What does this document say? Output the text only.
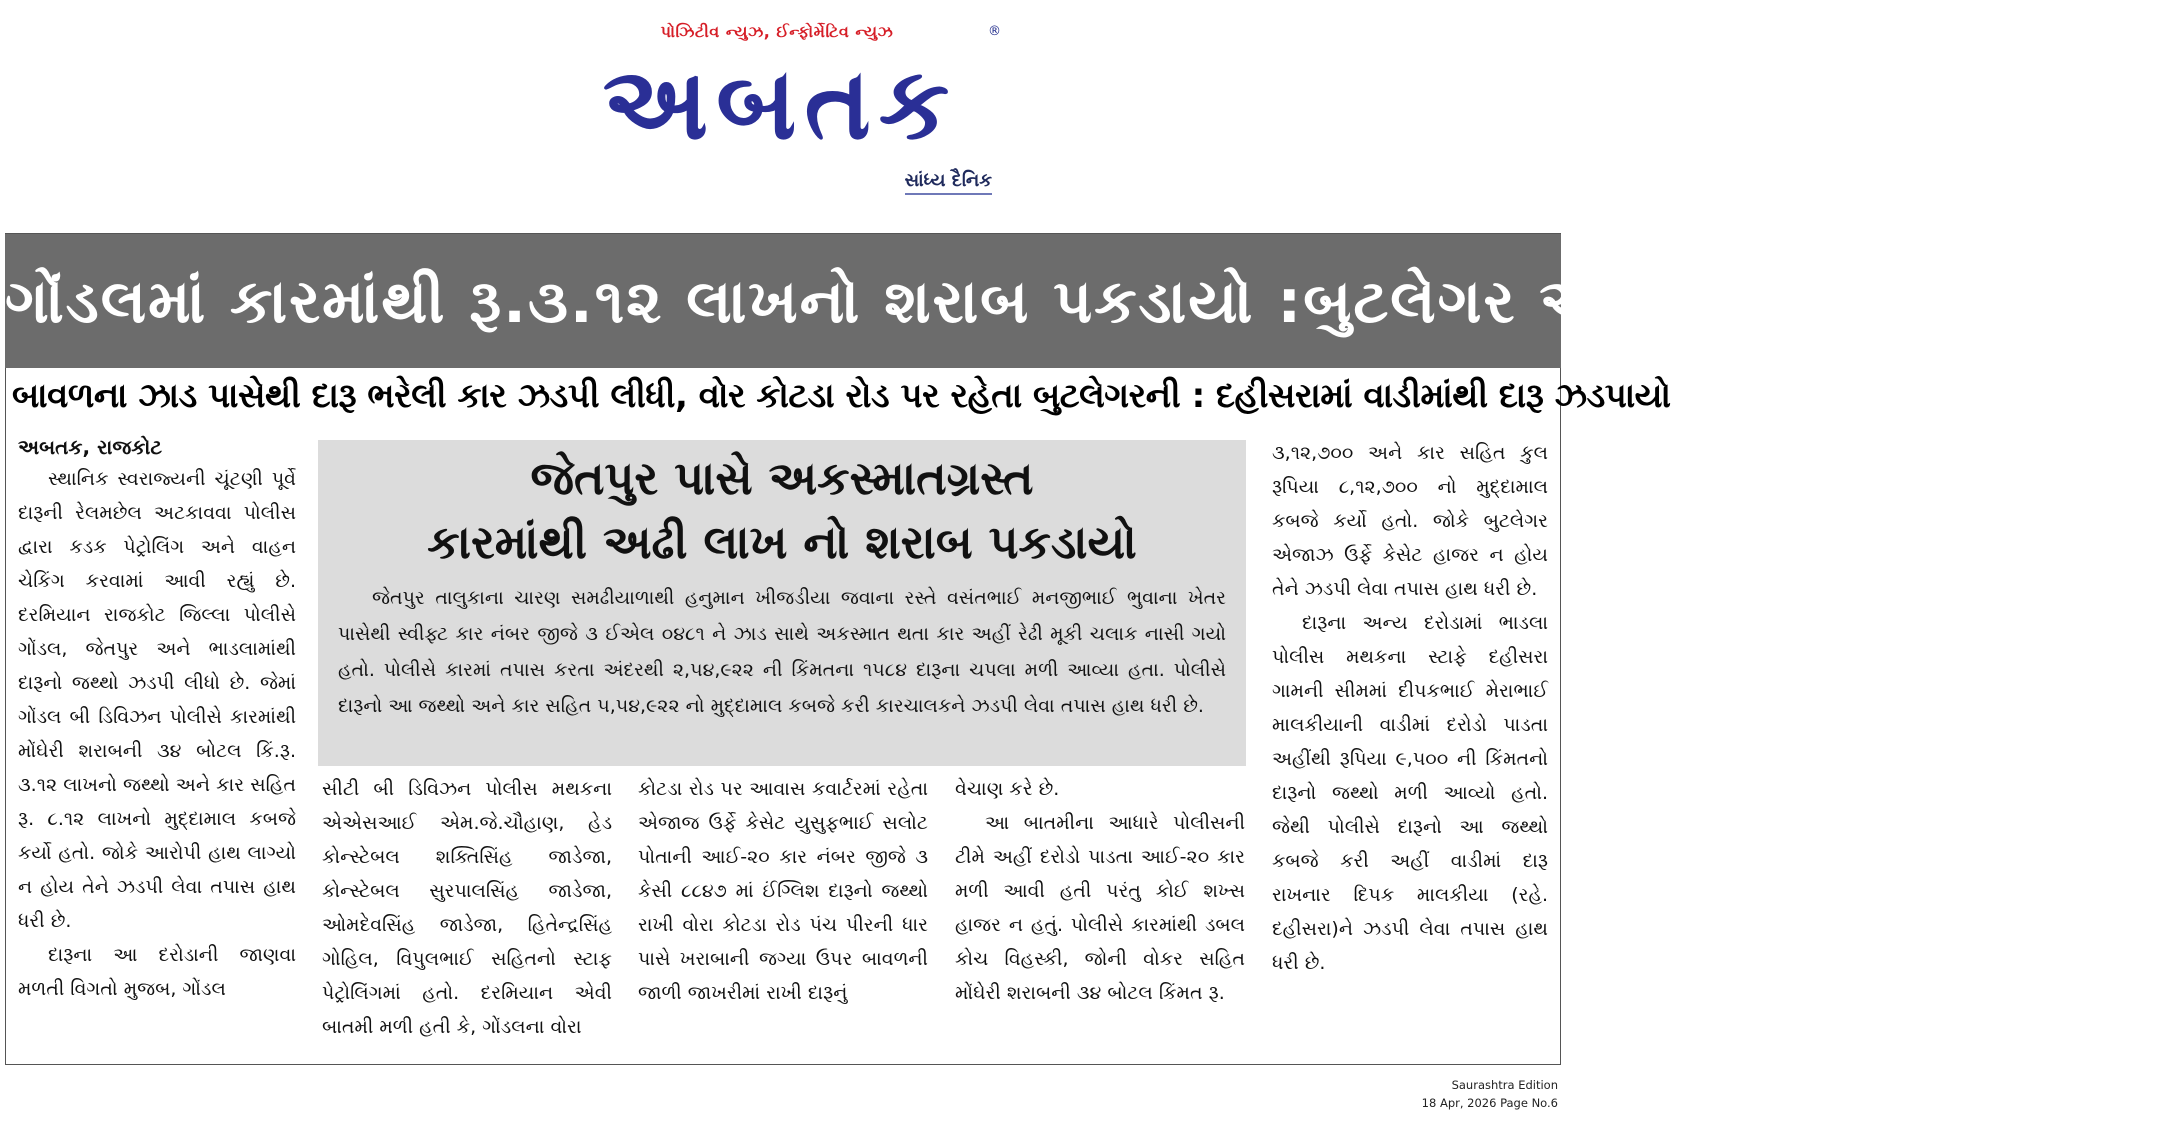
પોઝિટીવ ન્યુઝ, ઈન્ફોર્મેટિવ ન્યુઝ	®
અબતક
સાંધ્ય દૈનિક
ગોંડલમાં કારમાંથી રૂ.૩.૧૨ લાખનો શરાબ પકડાયો :બુટલેગર એજાઝ ઉર્ફે કેસેટ ફરાર
બાવળના ઝાડ પાસેથી દારૂ ભરેલી કાર ઝડપી લીધી, વોર કોટડા રોડ પર રહેતા બુટલેગરની : દહીસરામાં વાડીમાંથી દારૂ ઝડપાયો
અબતક, રાજકોટ

સ્થાનિક સ્વરાજ્યની ચૂંટણી પૂર્વે દારૂની રેલમછેલ અટકાવવા પોલીસ દ્વારા કડક પેટ્રોલિંગ અને વાહન ચેકિંગ કરવામાં આવી રહ્યું છે. દરમિયાન રાજકોટ જિલ્લા પોલીસે ગોંડલ, જેતપુર અને ભાડલામાંથી દારૂનો જથ્થો ઝડપી લીધો છે. જેમાં ગોંડલ બી ડિવિઝન પોલીસે કારમાંથી મોંઘેરી શરાબની ૩૪ બોટલ કિં.રૂ. ૩.૧૨ લાખનો જથ્થો અને કાર સહિત રૂ. ૮.૧૨ લાખનો મુદ્દામાલ કબજે કર્યો હતો. જોકે આરોપી હાથ લાગ્યો ન હોય તેને ઝડપી લેવા તપાસ હાથ ધરી છે.

દારૂના આ દરોડાની જાણવા મળતી વિગતો મુજબ, ગોંડલ

જેતપુર પાસે અકસ્માતગ્રસ્ત
કારમાંથી અઢી લાખ નો શરાબ પકડાયો

જેતપુર તાલુકાના ચારણ સમઢીયાળાથી હનુમાન ખીજડીયા જવાના રસ્તે વસંતભાઈ મનજીભાઈ ભુવાના ખેતર પાસેથી સ્વીફ્ટ કાર નંબર જીજે ૩ ઈએલ ૦૪૮૧ ને ઝાડ સાથે અકસ્માત થતા કાર અહીં રેઢી મૂકી ચલાક નાસી ગયો હતો. પોલીસે કારમાં તપાસ કરતા અંદરથી ૨,૫૪,૯૨૨ ની કિંમતના ૧૫૮૪ દારૂના ચપલા મળી આવ્યા હતા. પોલીસે દારૂનો આ જથ્થો અને કાર સહિત ૫,૫૪,૯૨૨ નો મુદ્દામાલ કબજે કરી કારચાલકને ઝડપી લેવા તપાસ હાથ ધરી છે.

સીટી બી ડિવિઝન પોલીસ મથકના એએસઆઈ એમ.જે.ચૌહાણ, હેડ કોન્સ્ટેબલ શક્તિસિંહ જાડેજા, કોન્સ્ટેબલ સુરપાલસિંહ જાડેજા, ઓમદેવસિંહ જાડેજા, હિતેન્દ્રસિંહ ગોહિલ, વિપુલભાઈ સહિતનો સ્ટાફ પેટ્રોલિંગમાં હતો. દરમિયાન એવી બાતમી મળી હતી કે, ગોંડલના વોરા

કોટડા રોડ પર આવાસ કવાર્ટરમાં રહેતા એજાજ ઉર્ફે કેસેટ યુસુફભાઈ સલોટ પોતાની આઈ-૨૦ કાર નંબર જીજે ૩ કેસી ૮૮૪૭ માં ઈંગ્લિશ દારૂનો જથ્થો રાખી વોરા કોટડા રોડ પંચ પીરની ધાર પાસે ખરાબાની જગ્યા ઉપર બાવળની જાળી જાખરીમાં રાખી દારૂનું

વેચાણ કરે છે.

આ બાતમીના આધારે પોલીસની ટીમે અહીં દરોડો પાડતા આઈ-૨૦ કાર મળી આવી હતી પરંતુ કોઈ શખ્સ હાજર ન હતું. પોલીસે કારમાંથી ડબલ કોચ વિહસ્કી, જોની વોકર સહિત મોંઘેરી શરાબની ૩૪ બોટલ કિંમત રૂ.

૩,૧૨,૭૦૦ અને કાર સહિત કુલ રૂપિયા ૮,૧૨,૭૦૦ નો મુદ્દામાલ કબજે કર્યો હતો. જોકે બુટલેગર એજાઝ ઉર્ફે કેસેટ હાજર ન હોય તેને ઝડપી લેવા તપાસ હાથ ધરી છે.

દારૂના અન્ય દરોડામાં ભાડલા પોલીસ મથકના સ્ટાફે દહીસરા ગામની સીમમાં દીપકભાઈ મેરાભાઈ માલકીયાની વાડીમાં દરોડો પાડતા અહીંથી રૂપિયા ૯,૫૦૦ ની કિંમતનો દારૂનો જથ્થો મળી આવ્યો હતો. જેથી પોલીસે દારૂનો આ જથ્થો કબજે કરી અહીં વાડીમાં દારૂ રાખનાર દિપક માલકીયા (રહે. દહીસરા)ને ઝડપી લેવા તપાસ હાથ ધરી છે.

Saurashtra Edition
18 Apr, 2026 Page No.6
